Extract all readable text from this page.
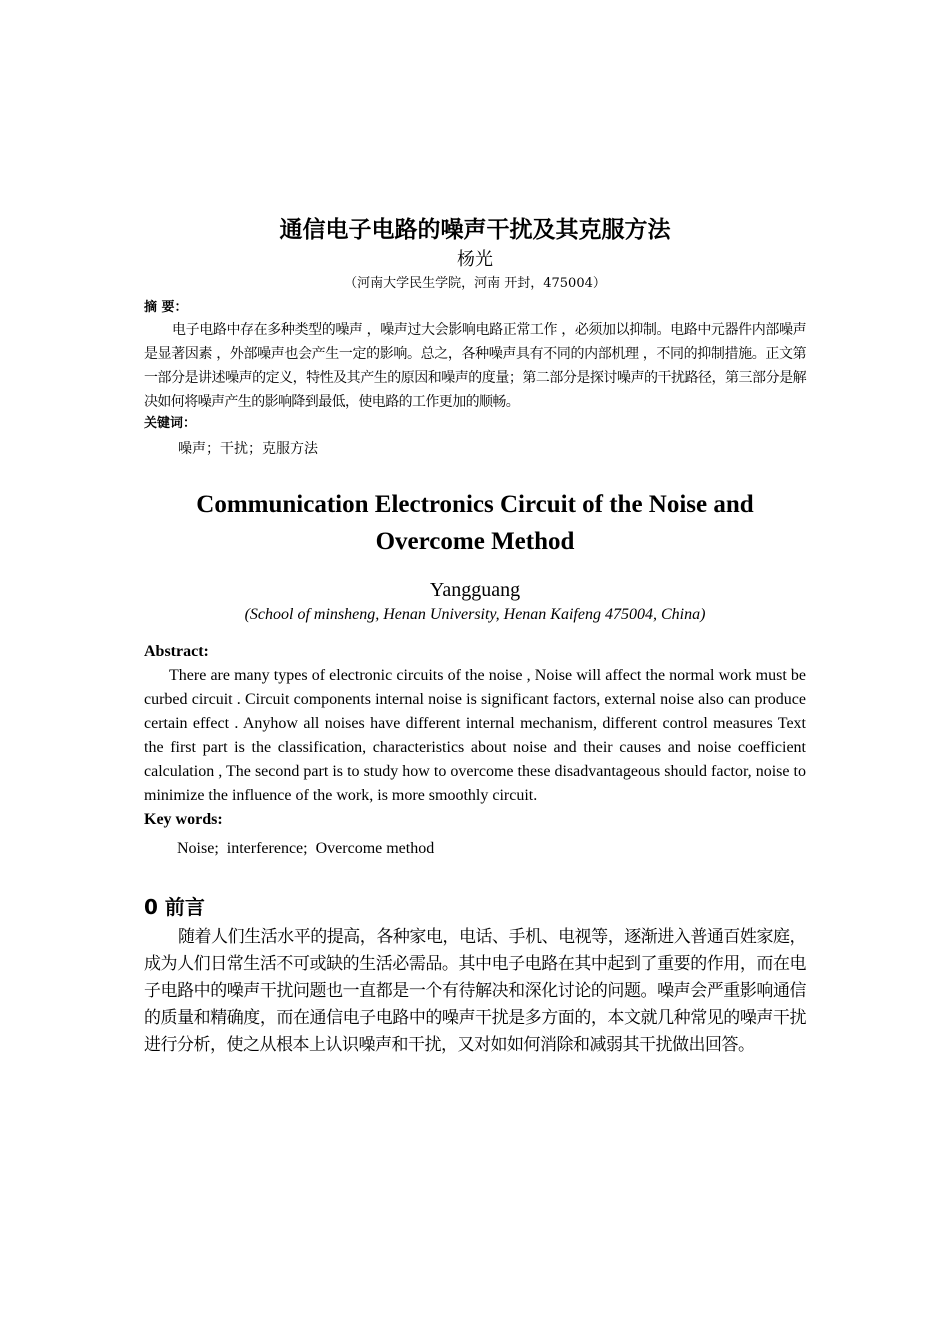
通信电子电路的噪声干扰及其克服方法

杨光

（河南大学民生学院，河南 开封，475004）

摘 要：

电子电路中存在多种类型的噪声 ，噪声过大会影响电路正常工作 ，必须加以抑制。电路中元器件内部噪声是显著因素 ，外部噪声也会产生一定的影响。总之，各种噪声具有不同的内部机理 ，不同的抑制措施。正文第一部分是讲述噪声的定义，特性及其产生的原因和噪声的度量；第二部分是探讨噪声的干扰路径，第三部分是解决如何将噪声产生的影响降到最低，使电路的工作更加的顺畅。

关键词：

噪声；干扰；克服方法

Communication Electronics Circuit of the Noise and
Overcome Method

Yangguang

(School of minsheng, Henan University, Henan Kaifeng 475004, China)

Abstract:

There are many types of electronic circuits of the noise , Noise will affect the normal work must be curbed circuit . Circuit components internal noise is significant factors, external noise also can produce certain effect . Anyhow all noises have different internal mechanism, different control measures Text the first part is the classification, characteristics about noise and their causes and noise coefficient calculation , The second part is to study how to overcome these disadvantageous should factor, noise to minimize the influence of the work, is more smoothly circuit.

Key words:

Noise;  interference;  Overcome method

0 前言

随着人们生活水平的提高，各种家电，电话、手机、电视等，逐渐进入普通百姓家庭，成为人们日常生活不可或缺的生活必需品。其中电子电路在其中起到了重要的作用，而在电子电路中的噪声干扰问题也一直都是一个有待解决和深化讨论的问题。噪声会严重影响通信的质量和精确度，而在通信电子电路中的噪声干扰是多方面的，本文就几种常见的噪声干扰进行分析，使之从根本上认识噪声和干扰，又对如如何消除和减弱其干扰做出回答。
